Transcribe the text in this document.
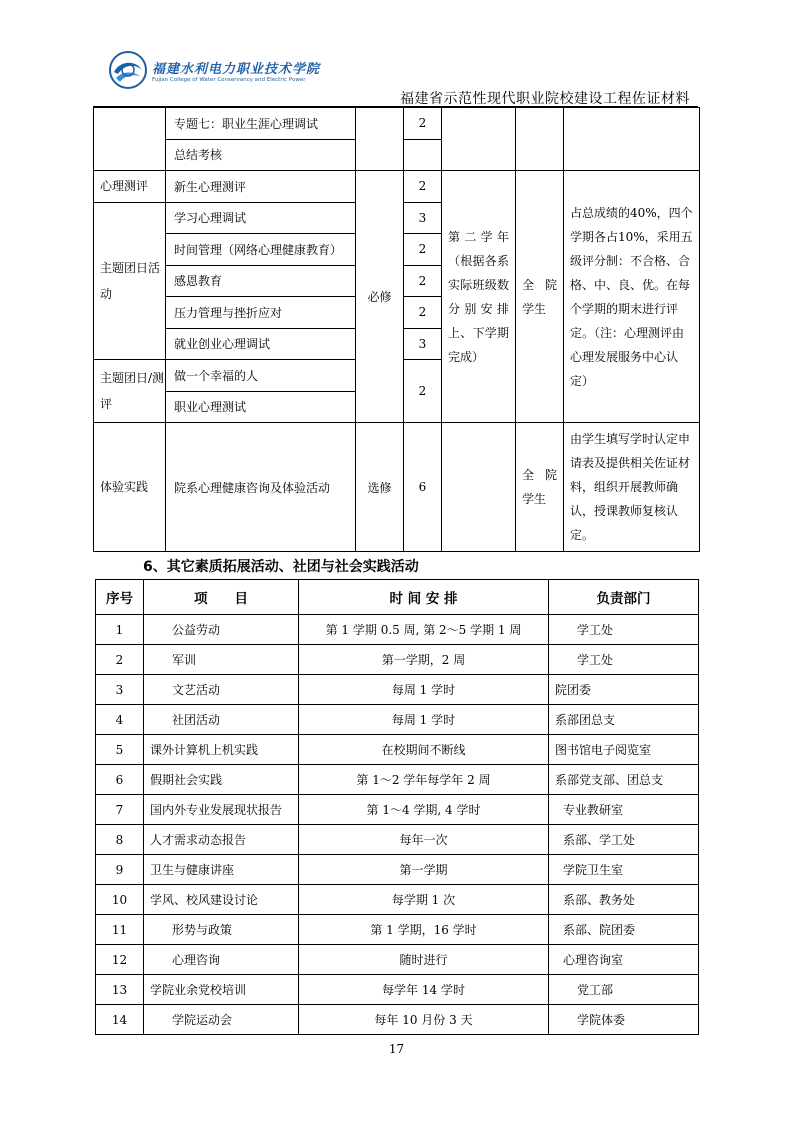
福建水利电力职业技术学院
Fujian College of Water Conservancy and Electric Power
福建省示范性现代职业院校建设工程佐证材料
	专题七：职业生涯心理调试		2			
	总结考核					
心理测评	新生心理测评	必修	2	第二学年（根据各系实际班级数分别安排上、下学期完成）	全院学生	占总成绩的40%，四个学期各占10%，采用五级评分制：不合格、合格、中、良、优。在每个学期的期末进行评定。（注：心理测评由心理发展服务中心认定）
主题团日活动	学习心理调试		3			
	时间管理（网络心理健康教育）		2			
	感恩教育		2			
	压力管理与挫折应对		2			
	就业创业心理调试		3			
主题团日/测评	做一个幸福的人		2			
	职业心理测试					
体验实践	院系心理健康咨询及体验活动	选修	6		全院学生	由学生填写学时认定申请表及提供相关佐证材料，组织开展教师确认，授课教师复核认定。
6、其它素质拓展活动、社团与社会实践活动
序号	项　　目	时 间 安 排	负责部门
1	公益劳动	第 1 学期 0.5 周, 第 2～5 学期 1 周	学工处
2	军训	第一学期，2 周	学工处
3	文艺活动	每周 1 学时	院团委
4	社团活动	每周 1 学时	系部团总支
5	课外计算机上机实践	在校期间不断线	图书馆电子阅览室
6	假期社会实践	第 1～2 学年每学年 2 周	系部党支部、团总支
7	国内外专业发展现状报告	第 1～4 学期, 4 学时	专业教研室
8	人才需求动态报告	每年一次	系部、学工处
9	卫生与健康讲座	第一学期	学院卫生室
10	学风、校风建设讨论	每学期 1 次	系部、教务处
11	形势与政策	第 1 学期，16 学时	系部、院团委
12	心理咨询	随时进行	心理咨询室
13	学院业余党校培训	每学年 14 学时	党工部
14	学院运动会	每年 10 月份 3 天	学院体委
17
